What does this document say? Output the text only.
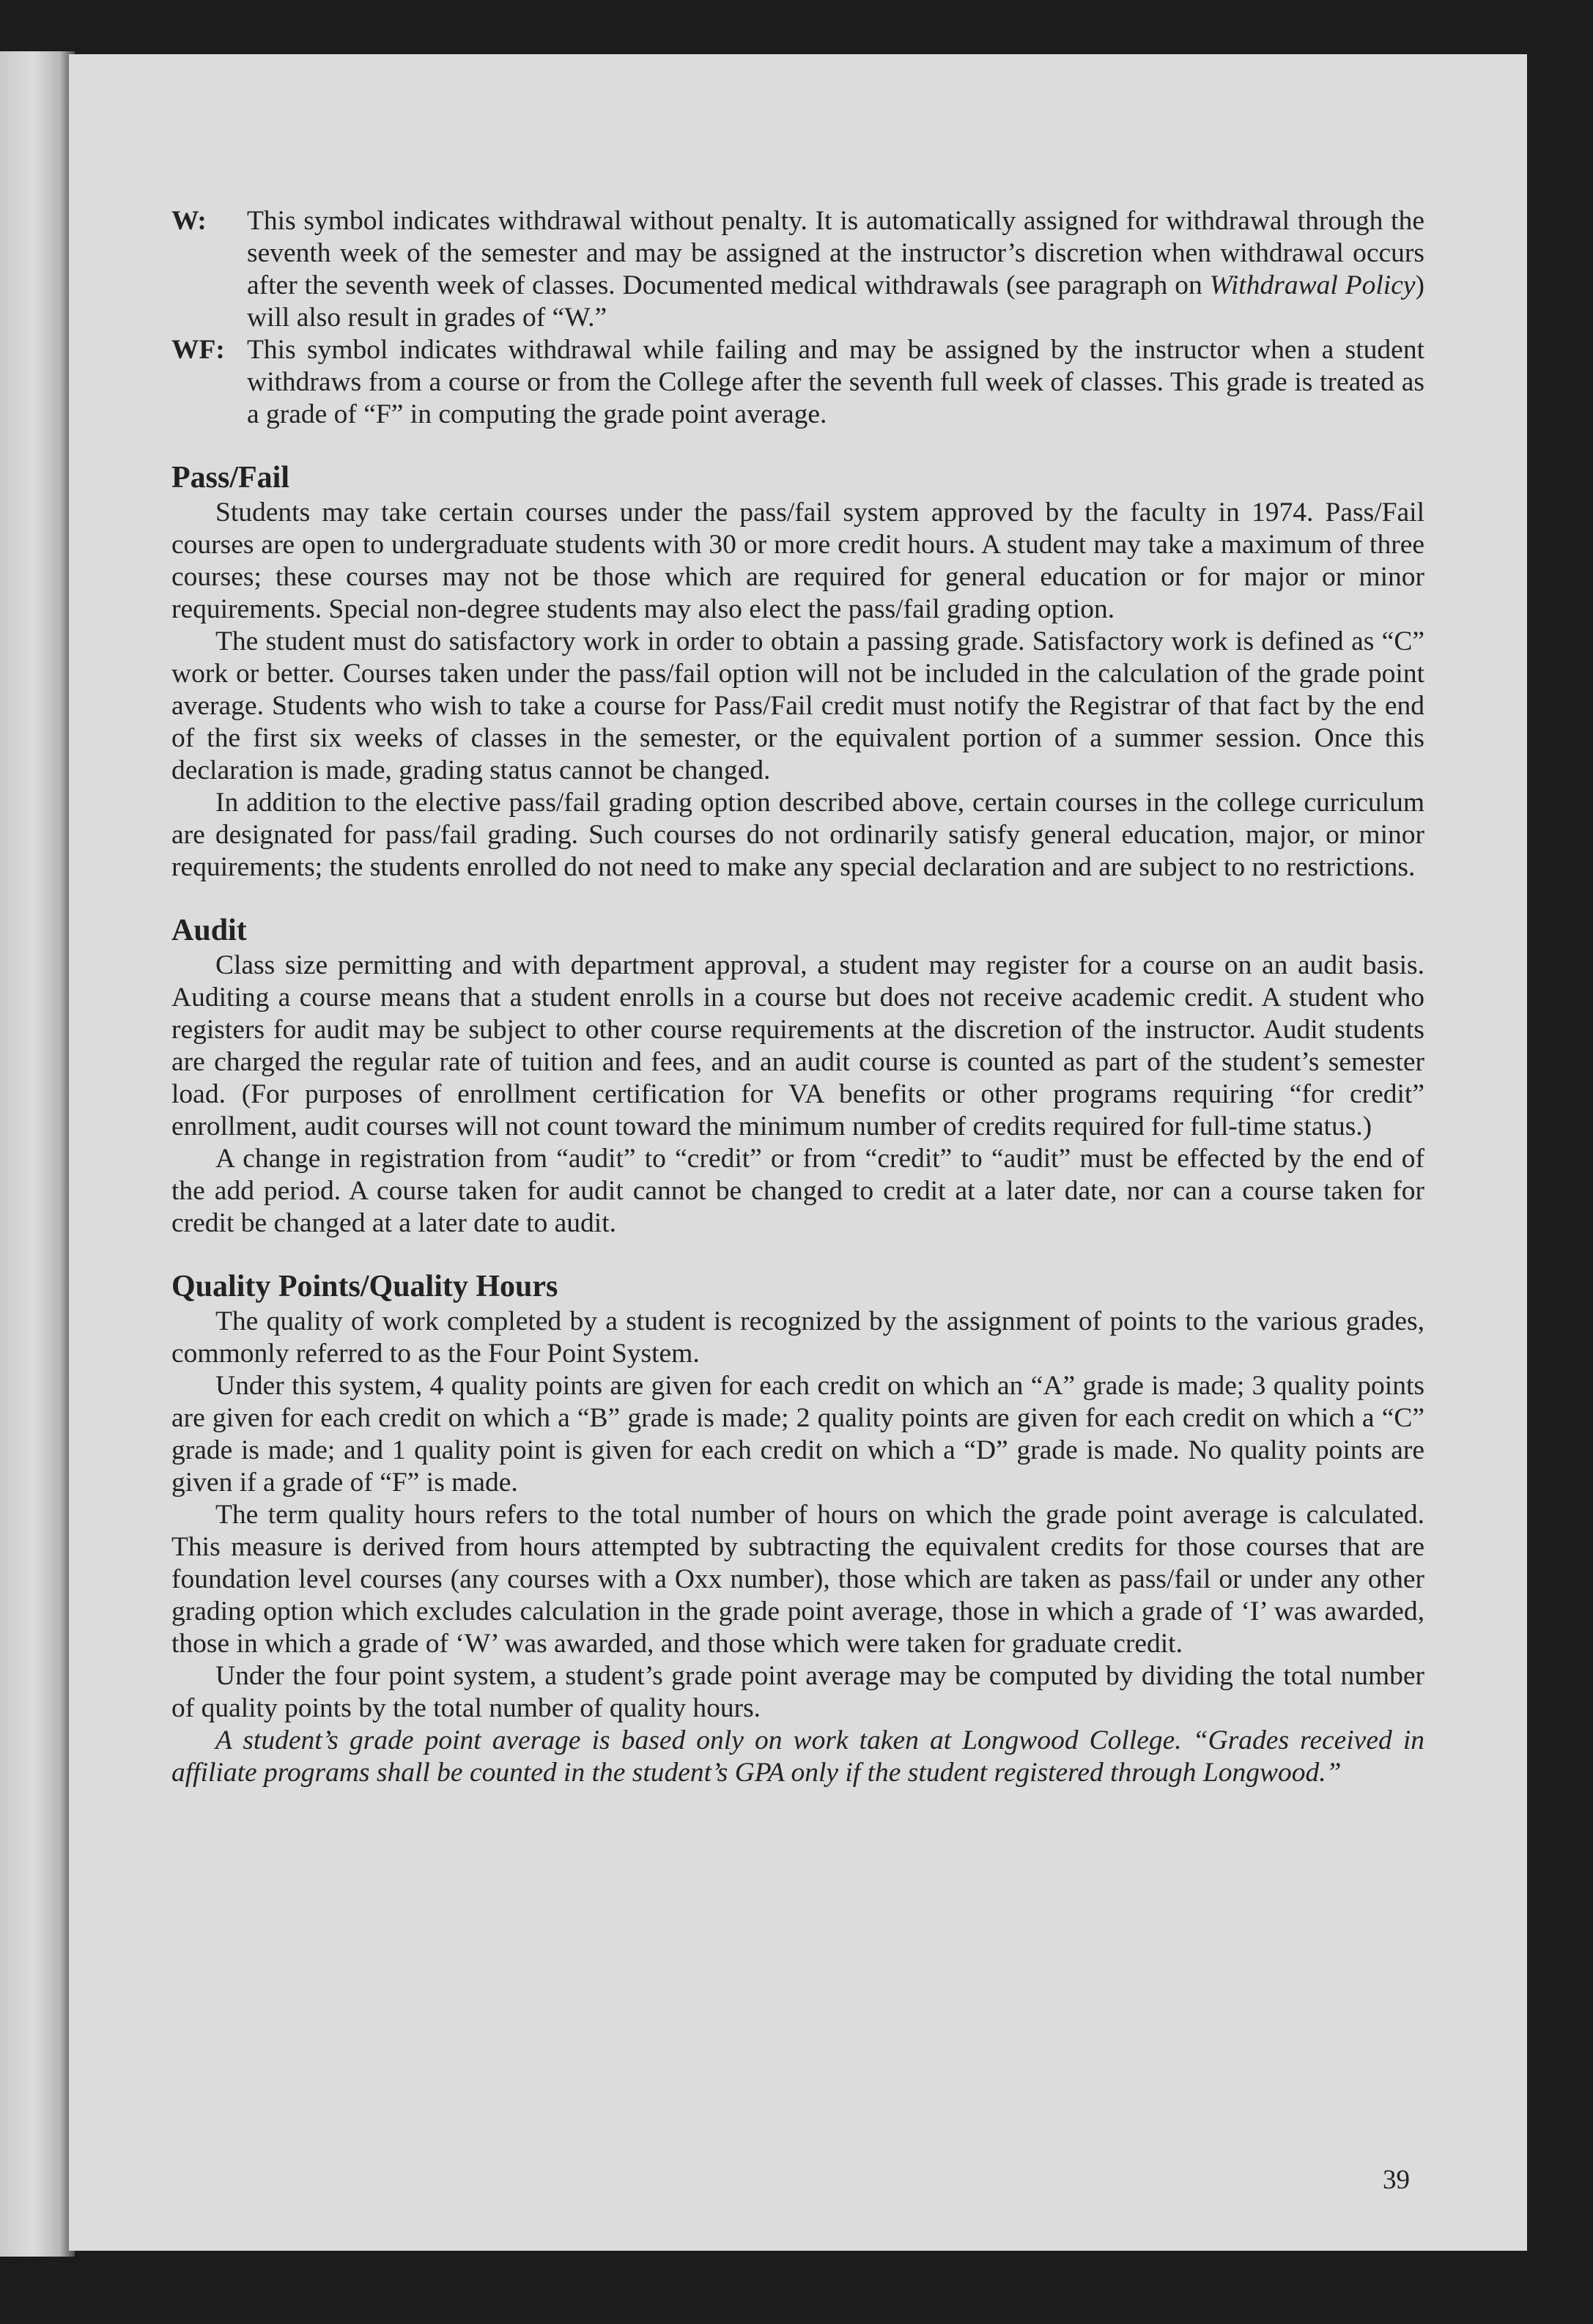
W:	This symbol indicates withdrawal without penalty. It is automatically assigned for withdrawal through the seventh week of the semester and may be assigned at the instructor’s discretion when withdrawal occurs after the seventh week of classes. Documented medical withdrawals (see paragraph on Withdrawal Policy) will also result in grades of “W.”
WF: This symbol indicates withdrawal while failing and may be assigned by the instructor when a student withdraws from a course or from the College after the seventh full week of classes. This grade is treated as a grade of “F” in computing the grade point average.
Pass/Fail
Students may take certain courses under the pass/fail system approved by the faculty in 1974. Pass/Fail courses are open to undergraduate students with 30 or more credit hours. A student may take a maximum of three courses; these courses may not be those which are required for general education or for major or minor requirements. Special non-degree students may also elect the pass/fail grading option.
The student must do satisfactory work in order to obtain a passing grade. Satisfactory work is defined as “C” work or better. Courses taken under the pass/fail option will not be included in the calculation of the grade point average. Students who wish to take a course for Pass/Fail credit must notify the Registrar of that fact by the end of the first six weeks of classes in the semester, or the equivalent portion of a summer session. Once this declaration is made, grading status cannot be changed.
In addition to the elective pass/fail grading option described above, certain courses in the college curriculum are designated for pass/fail grading. Such courses do not ordinarily satisfy general education, major, or minor requirements; the students enrolled do not need to make any special declaration and are subject to no restrictions.
Audit
Class size permitting and with department approval, a student may register for a course on an audit basis. Auditing a course means that a student enrolls in a course but does not receive academic credit. A student who registers for audit may be subject to other course requirements at the discretion of the instructor. Audit students are charged the regular rate of tuition and fees, and an audit course is counted as part of the student’s semester load. (For purposes of enrollment certification for VA benefits or other programs requiring “for credit” enrollment, audit courses will not count toward the minimum number of credits required for full-time status.)
A change in registration from “audit” to “credit” or from “credit” to “audit” must be effected by the end of the add period. A course taken for audit cannot be changed to credit at a later date, nor can a course taken for credit be changed at a later date to audit.
Quality Points/Quality Hours
The quality of work completed by a student is recognized by the assignment of points to the various grades, commonly referred to as the Four Point System.
Under this system, 4 quality points are given for each credit on which an “A” grade is made; 3 quality points are given for each credit on which a “B” grade is made; 2 quality points are given for each credit on which a “C” grade is made; and 1 quality point is given for each credit on which a “D” grade is made. No quality points are given if a grade of “F” is made.
The term quality hours refers to the total number of hours on which the grade point average is calculated. This measure is derived from hours attempted by subtracting the equivalent credits for those courses that are foundation level courses (any courses with a Oxx number), those which are taken as pass/fail or under any other grading option which excludes calculation in the grade point average, those in which a grade of ‘I’ was awarded, those in which a grade of ‘W’ was awarded, and those which were taken for graduate credit.
Under the four point system, a student’s grade point average may be computed by dividing the total number of quality points by the total number of quality hours.
A student’s grade point average is based only on work taken at Longwood College. “Grades received in affiliate programs shall be counted in the student’s GPA only if the student registered through Longwood.”
39
